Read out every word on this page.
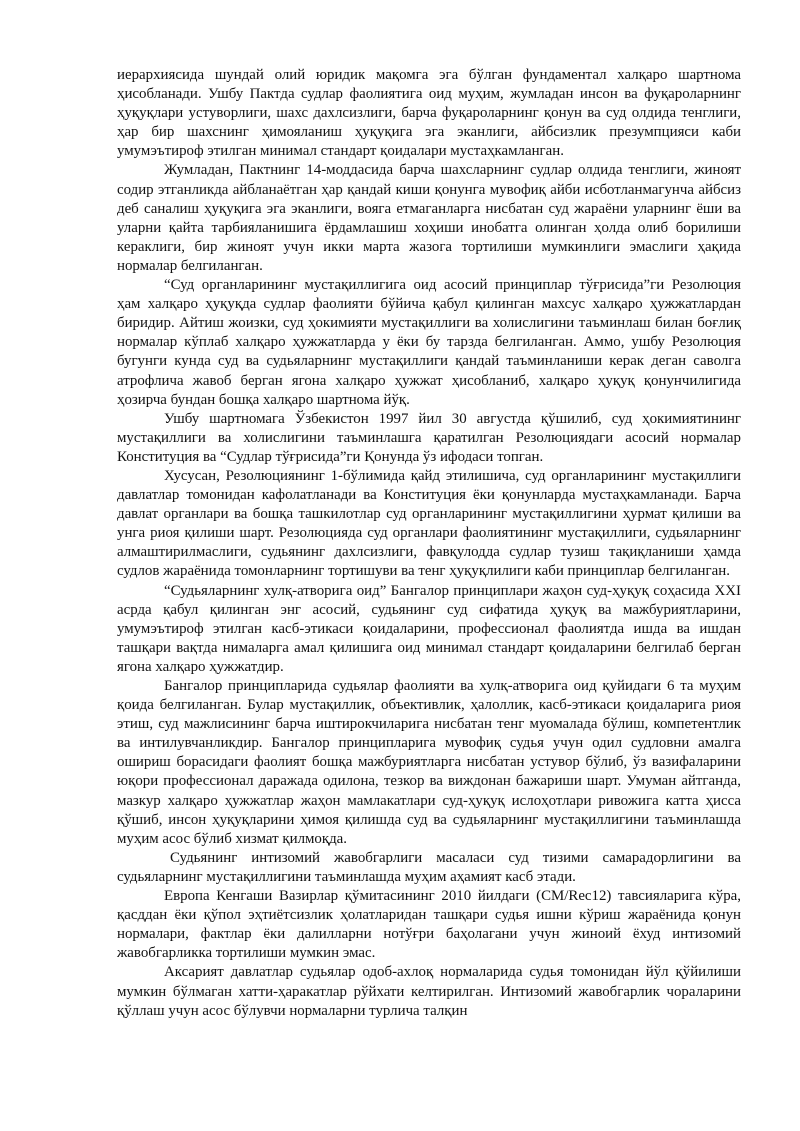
иерархиясида шундай олий юридик мақомга эга бўлган фундаментал халқаро шартнома ҳисобланади. Ушбу Пактда судлар фаолиятига оид муҳим, жумладан инсон ва фуқароларнинг ҳуқуқлари устуворлиги, шахс дахлсизлиги, барча фуқароларнинг қонун ва суд олдида тенглиги, ҳар бир шахснинг ҳимояланиш ҳуқуқига эга эканлиги, айбсизлик презумпцияси каби умумэътироф этилган минимал стандарт қоидалари мустаҳкамланган.

Жумладан, Пактнинг 14-моддасида барча шахсларнинг судлар олдида тенглиги, жиноят содир этганликда айбланаётган ҳар қандай киши қонунга мувофиқ айби исботланмагунча айбсиз деб саналиш ҳуқуқига эга эканлиги, вояга етмаганларга нисбатан суд жараёни уларнинг ёши ва уларни қайта тарбияланишига ёрдамлашиш хоҳиши инобатга олинган ҳолда олиб борилиши кераклиги, бир жиноят учун икки марта жазога тортилиши мумкинлиги эмаслиги ҳақида нормалар белгиланган.

“Суд органларининг мустақиллигига оид асосий принциплар тўғрисида”ги Резолюция ҳам халқаро ҳуқуқда судлар фаолияти бўйича қабул қилинган махсус халқаро ҳужжатлардан биридир. Айтиш жоизки, суд ҳокимияти мустақиллиги ва холислигини таъминлаш билан боғлиқ нормалар кўплаб халқаро ҳужжатларда у ёки бу тарзда белгиланган. Аммо, ушбу Резолюция бугунги кунда суд ва судьяларнинг мустақиллиги қандай таъминланиши керак деган саволга атрофлича жавоб берган ягона халқаро ҳужжат ҳисобланиб, халқаро ҳуқуқ қонунчилигида ҳозирча бундан бошқа халқаро шартнома йўқ.

Ушбу шартномага Ўзбекистон 1997 йил 30 августда қўшилиб, суд ҳокимиятининг мустақиллиги ва холислигини таъминлашга қаратилган Резолюциядаги асосий нормалар Конституция ва “Судлар тўғрисида”ги Қонунда ўз ифодаси топган.

Хусусан, Резолюциянинг 1-бўлимида қайд этилишича, суд органларининг мустақиллиги давлатлар томонидан кафолатланади ва Конституция ёки қонунларда мустаҳкамланади. Барча давлат органлари ва бошқа ташкилотлар суд органларининг мустақиллигини ҳурмат қилиши ва унга риоя қилиши шарт. Резолюцияда суд органлари фаолиятининг мустақиллиги, судьяларнинг алмаштирилмаслиги, судьянинг дахлсизлиги, фавқулодда судлар тузиш тақиқланиши ҳамда судлов жараёнида томонларнинг тортишуви ва тенг ҳуқуқлилиги каби принциплар белгиланган.

“Судьяларнинг хулқ-атворига оид” Бангалор принциплари жаҳон суд-ҳуқуқ соҳасида XXI асрда қабул қилинган энг асосий, судьянинг суд сифатида ҳуқуқ ва мажбуриятларини, умумэътироф этилган касб-этикаси қоидаларини, профессионал фаолиятда ишда ва ишдан ташқари вақтда нималарга амал қилишига оид минимал стандарт қоидаларини белгилаб берган ягона халқаро ҳужжатдир.

Бангалор принципларида судьялар фаолияти ва хулқ-атворига оид қуйидаги 6 та муҳим қоида белгиланган. Булар мустақиллик, объективлик, ҳалоллик, касб-этикаси қоидаларига риоя этиш, суд мажлисининг барча иштирокчиларига нисбатан тенг муомалада бўлиш, компетентлик ва интилувчанликдир. Бангалор принципларига мувофиқ судья учун одил судловни амалга ошириш борасидаги фаолият бошқа мажбуриятларга нисбатан устувор бўлиб, ўз вазифаларини юқори профессионал даражада одилона, тезкор ва виждонан бажариши шарт. Умуман айтганда, мазкур халқаро ҳужжатлар жаҳон мамлакатлари суд-ҳуқуқ ислоҳотлари ривожига катта ҳисса қўшиб, инсон ҳуқуқларини ҳимоя қилишда суд ва судьяларнинг мустақиллигини таъминлашда муҳим асос бўлиб хизмат қилмоқда.

Судьянинг интизомий жавобгарлиги масаласи суд тизими самарадорлигини ва судьяларнинг мустақиллигини таъминлашда муҳим аҳамият касб этади.

Европа Кенгаши Вазирлар қўмитасининг 2010 йилдаги (CM/Rec12) тавсияларига кўра, қасддан ёки қўпол эҳтиётсизлик ҳолатларидан ташқари судья ишни кўриш жараёнида қонун нормалари, фактлар ёки далилларни нотўғри баҳолагани учун жиноий ёхуд интизомий жавобгарликка тортилиши мумкин эмас.

Аксарият давлатлар судьялар одоб-ахлоқ нормаларида судья томонидан йўл қўйилиши мумкин бўлмаган хатти-ҳаракатлар рўйхати келтирилган. Интизомий жавобгарлик чораларини қўллаш учун асос бўлувчи нормаларни турлича талқин
